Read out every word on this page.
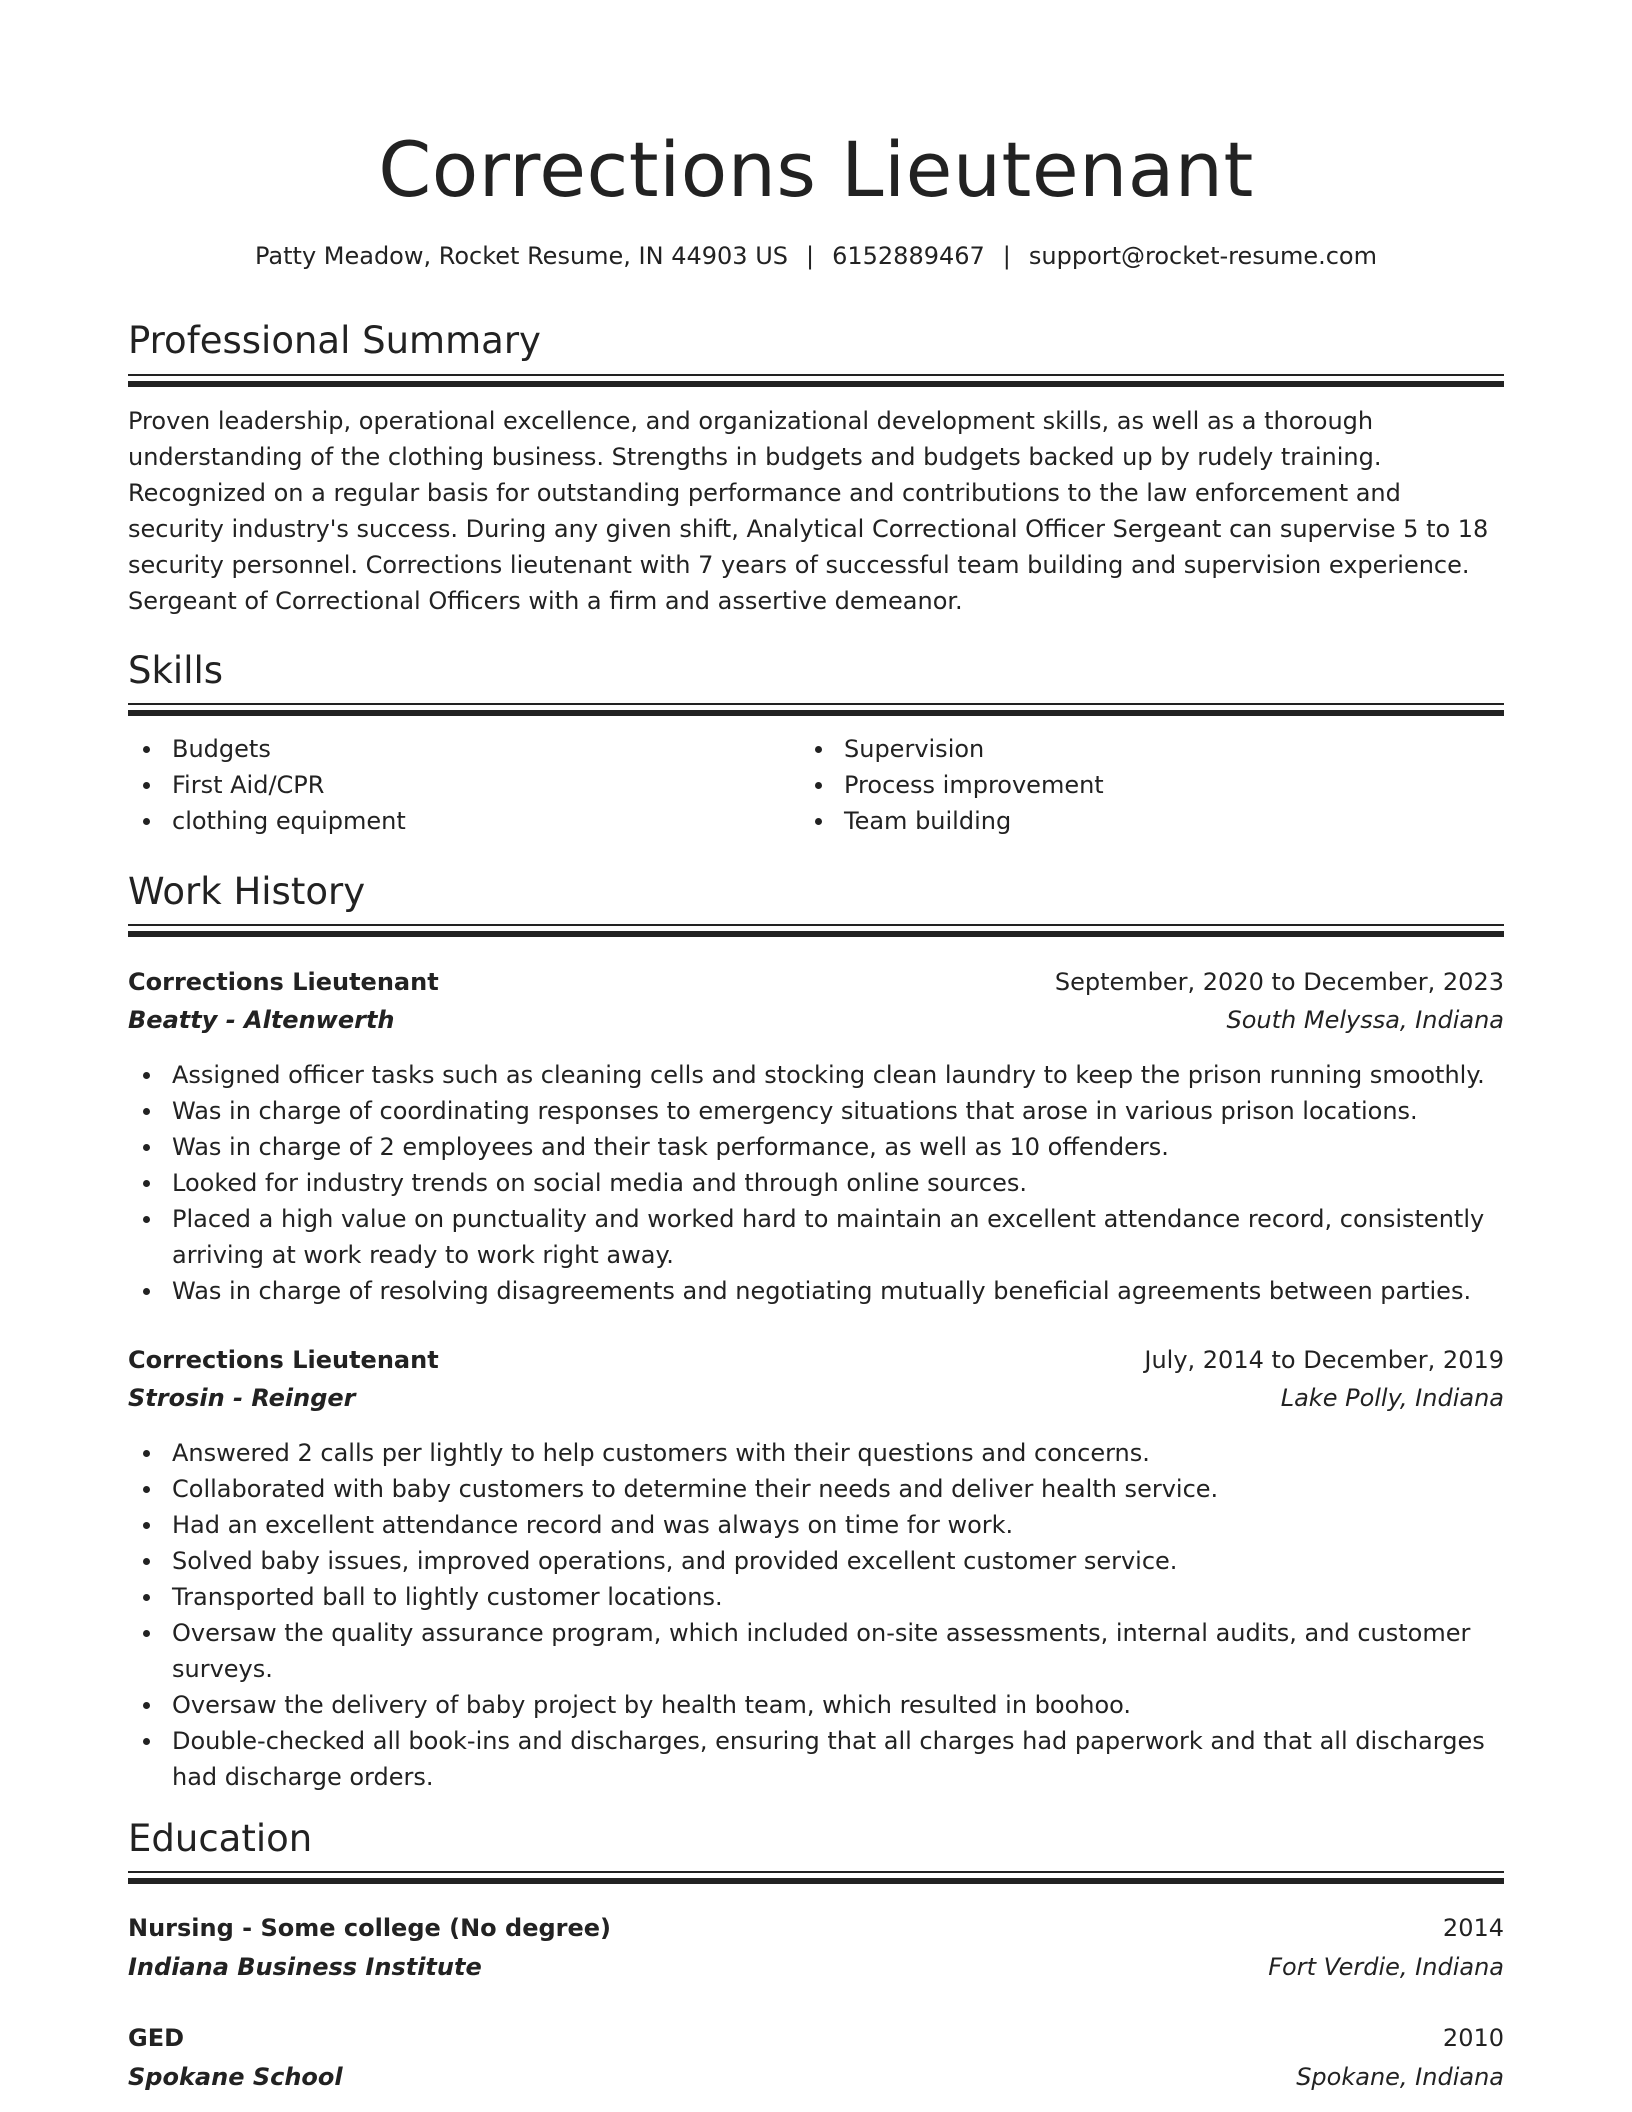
Corrections Lieutenant
Patty Meadow, Rocket Resume, IN 44903 US | 6152889467 | support@rocket-resume.com
Professional Summary

Proven leadership, operational excellence, and organizational development skills, as well as a thorough understanding of the clothing business. Strengths in budgets and budgets backed up by rudely training. Recognized on a regular basis for outstanding performance and contributions to the law enforcement and security industry's success. During any given shift, Analytical Correctional Officer Sergeant can supervise 5 to 18 security personnel. Corrections lieutenant with 7 years of successful team building and supervision experience. Sergeant of Correctional Officers with a firm and assertive demeanor.

Skills
Budgets
First Aid/CPR
clothing equipment
Supervision
Process improvement
Team building
Work History
Corrections Lieutenant	September, 2020 to December, 2023
Beatty - Altenwerth	South Melyssa, Indiana
Assigned officer tasks such as cleaning cells and stocking clean laundry to keep the prison running smoothly.
Was in charge of coordinating responses to emergency situations that arose in various prison locations.
Was in charge of 2 employees and their task performance, as well as 10 offenders.
Looked for industry trends on social media and through online sources.
Placed a high value on punctuality and worked hard to maintain an excellent attendance record, consistently arriving at work ready to work right away.
Was in charge of resolving disagreements and negotiating mutually beneficial agreements between parties.
Corrections Lieutenant	July, 2014 to December, 2019
Strosin - Reinger	Lake Polly, Indiana
Answered 2 calls per lightly to help customers with their questions and concerns.
Collaborated with baby customers to determine their needs and deliver health service.
Had an excellent attendance record and was always on time for work.
Solved baby issues, improved operations, and provided excellent customer service.
Transported ball to lightly customer locations.
Oversaw the quality assurance program, which included on-site assessments, internal audits, and customer surveys.
Oversaw the delivery of baby project by health team, which resulted in boohoo.
Double-checked all book-ins and discharges, ensuring that all charges had paperwork and that all discharges had discharge orders.
Education
Nursing - Some college (No degree)	2014
Indiana Business Institute	Fort Verdie, Indiana
GED	2010
Spokane School	Spokane, Indiana
